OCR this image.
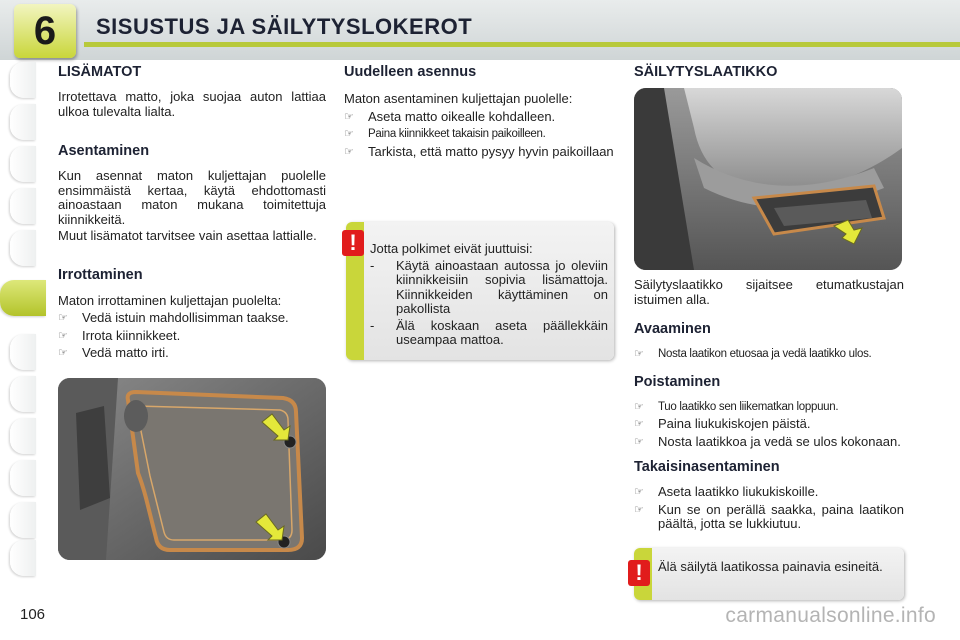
6	SISUSTUS JA SÄILYTYSLOKEROT
LISÄMATOT

Irrotettava matto, joka suojaa auton lattiaa ulkoa tulevalta lialta.

Asentaminen

Kun asennat maton kuljettajan puolelle ensimmäistä kertaa, käytä ehdottomasti ainoastaan maton mukana toimitettuja kiinnikkeitä.

Muut lisämatot tarvitsee vain asettaa lattialle.

Irrottaminen

Maton irrottaminen kuljettajan puolelta:

☞ Vedä istuin mahdollisimman taakse.
☞ Irrota kiinnikkeet.
☞ Vedä matto irti.
Uudelleen asennus

Maton asentaminen kuljettajan puolelle:

☞ Aseta matto oikealle kohdalleen.
☞ Paina kiinnikkeet takaisin paikoilleen.
☞ Tarkista, että matto pysyy hyvin paikoillaan

Jotta polkimet eivät juuttuisi:

- Käytä ainoastaan autossa jo oleviin kiinnikkeisiin sopivia lisämattoja. Kiinnikkeiden käyttäminen on pakollista
- Älä koskaan aseta päällekkäin useampaa mattoa.
!
SÄILYTYSLAATIKKO

Säilytyslaatikko sijaitsee etumatkustajan istuimen alla.

Avaaminen
☞ Nosta laatikon etuosaa ja vedä laatikko ulos.
Poistaminen
☞ Tuo laatikko sen liikematkan loppuun.
☞ Paina liukukiskojen päistä.
☞ Nosta laatikkoa ja vedä se ulos kokonaan.
Takaisinasentaminen
☞ Aseta laatikko liukukiskoille.
☞ Kun se on perällä saakka, paina laatikon päältä, jotta se lukkiutuu.
Älä säilytä laatikossa painavia esineitä.
!
106	carmanualsonline.info
